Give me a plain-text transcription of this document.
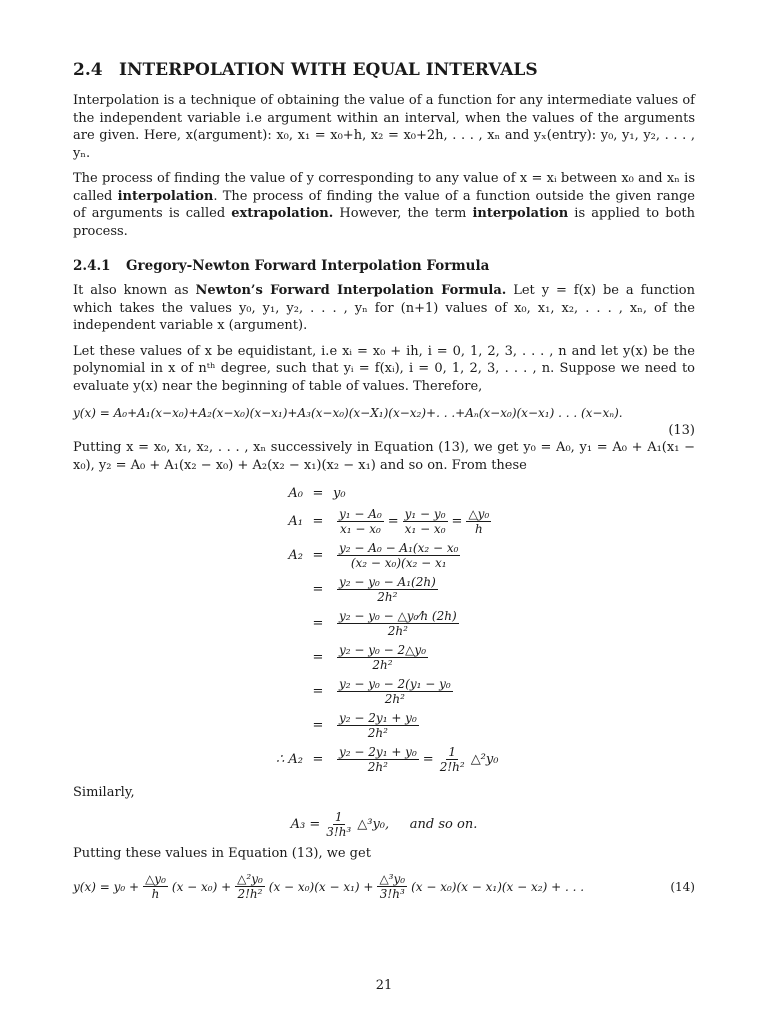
2.4 INTERPOLATION WITH EQUAL INTERVALS

Interpolation is a technique of obtaining the value of a function for any intermediate values of the independent variable i.e argument within an interval, when the values of the arguments are given. Here, x(argument): x₀, x₁ = x₀+h, x₂ = x₀+2h, . . . , xₙ and yₓ(entry): y₀, y₁, y₂, . . . , yₙ.

The process of finding the value of y corresponding to any value of x = xᵢ between x₀ and xₙ is called interpolation. The process of finding the value of a function outside the given range of arguments is called extrapolation. However, the term interpolation is applied to both process.

2.4.1 Gregory-Newton Forward Interpolation Formula

It also known as Newton’s Forward Interpolation Formula. Let y = f(x) be a function which takes the values y₀, y₁, y₂, . . . , yₙ for (n+1) values of x₀, x₁, x₂, . . . , xₙ, of the independent variable x (argument).

Let these values of x be equidistant, i.e xᵢ = x₀ + ih, i = 0, 1, 2, 3, . . . , n and let y(x) be the polynomial in x of nᵗʰ degree, such that yᵢ = f(xᵢ), i = 0, 1, 2, 3, . . . , n. Suppose we need to evaluate y(x) near the beginning of table of values. Therefore,

y(x) = A₀+A₁(x−x₀)+A₂(x−x₀)(x−x₁)+A₃(x−x₀)(x−X₁)(x−x₂)+. . .+Aₙ(x−x₀)(x−x₁) . . . (x−xₙ).
(13)

Putting x = x₀, x₁, x₂, . . . , xₙ successively in Equation (13), we get y₀ = A₀, y₁ = A₀ + A₁(x₁ − x₀), y₂ = A₀ + A₁(x₂ − x₀) + A₂(x₂ − x₁)(x₂ − x₁) and so on. From these

A₀ = y₀
A₁ =	$\frac{\text{y₁ − A₀}}{\text{x₁ − x₀}} = \frac{\text{y₁ − y₀}}{\text{x₁ − x₀}} = \frac{\text{△y₀}}{h}$
A₂ =	$\frac{\text{y₂ − A₀ − A₁(x₂ − x₀}}{\text{(x₂ − x₀)(x₂ − x₁}}$
=	$\frac{\text{y₂ − y₀ − A₁(2h)}}{\text{2h²}}$
=	$\frac{\text{y₂ − y₀ − △y₀⁄h (2h)}}{\text{2h²}}$
=	$\frac{\text{y₂ − y₀ − 2△y₀}}{\text{2h²}}$
=	$\frac{\text{y₂ − y₀ − 2(y₁ − y₀}}{\text{2h²}}$
=	$\frac{\text{y₂ − 2y₁ + y₀}}{\text{2h²}}$
∴ A₂ =	$\frac{\text{y₂ − 2y₁ + y₀}}{\text{2h²}} = \frac{1}{\text{2!h²}}$ △²y₀

Similarly,

$A_3 = \frac{1}{\text{3!h³}}$ △³y₀,     and so on.

Putting these values in Equation (13), we get

$y(x) = y_0 + \frac{\text{△y₀}}{h} (x - x_0) + \frac{\text{△²y₀}}{\text{2!h²}} (x - x_0)(x - x_1) + \frac{\text{△³y₀}}{\text{3!h³}} (x - x_0)(x - x_1)(x - x_2)$ + . . .	(14)
21
